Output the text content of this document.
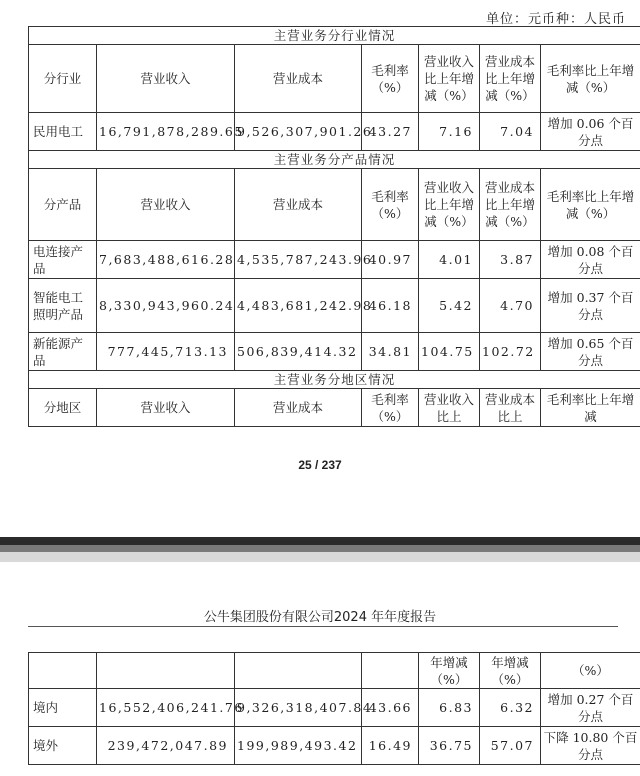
单位：元币种：人民币
主营业务分行业情况						
分行业	营业收入	营业成本	毛利率（%）	营业收入比上年增减（%）	营业成本比上年增减（%）	毛利率比上年增减（%）
民用电工	16,791,878,289.65	9,526,307,901.26	43.27	7.16	7.04	增加 0.06 个百分点
主营业务分产品情况						
分产品	营业收入	营业成本	毛利率（%）	营业收入比上年增减（%）	营业成本比上年增减（%）	毛利率比上年增减（%）
电连接产品	7,683,488,616.28	4,535,787,243.96	40.97	4.01	3.87	增加 0.08 个百分点
智能电工照明产品	8,330,943,960.24	4,483,681,242.98	46.18	5.42	4.70	增加 0.37 个百分点
新能源产品	777,445,713.13	506,839,414.32	34.81	104.75	102.72	增加 0.65 个百分点
主营业务分地区情况						
分地区	营业收入	营业成本	毛利率（%）	营业收入比上	营业成本比上	毛利率比上年增减
25 / 237
公牛集团股份有限公司2024 年年度报告
				年增减（%）	年增减（%）	（%）
境内	16,552,406,241.76	9,326,318,407.84	43.66	6.83	6.32	增加 0.27 个百分点
境外	239,472,047.89	199,989,493.42	16.49	36.75	57.07	下降 10.80 个百分点
